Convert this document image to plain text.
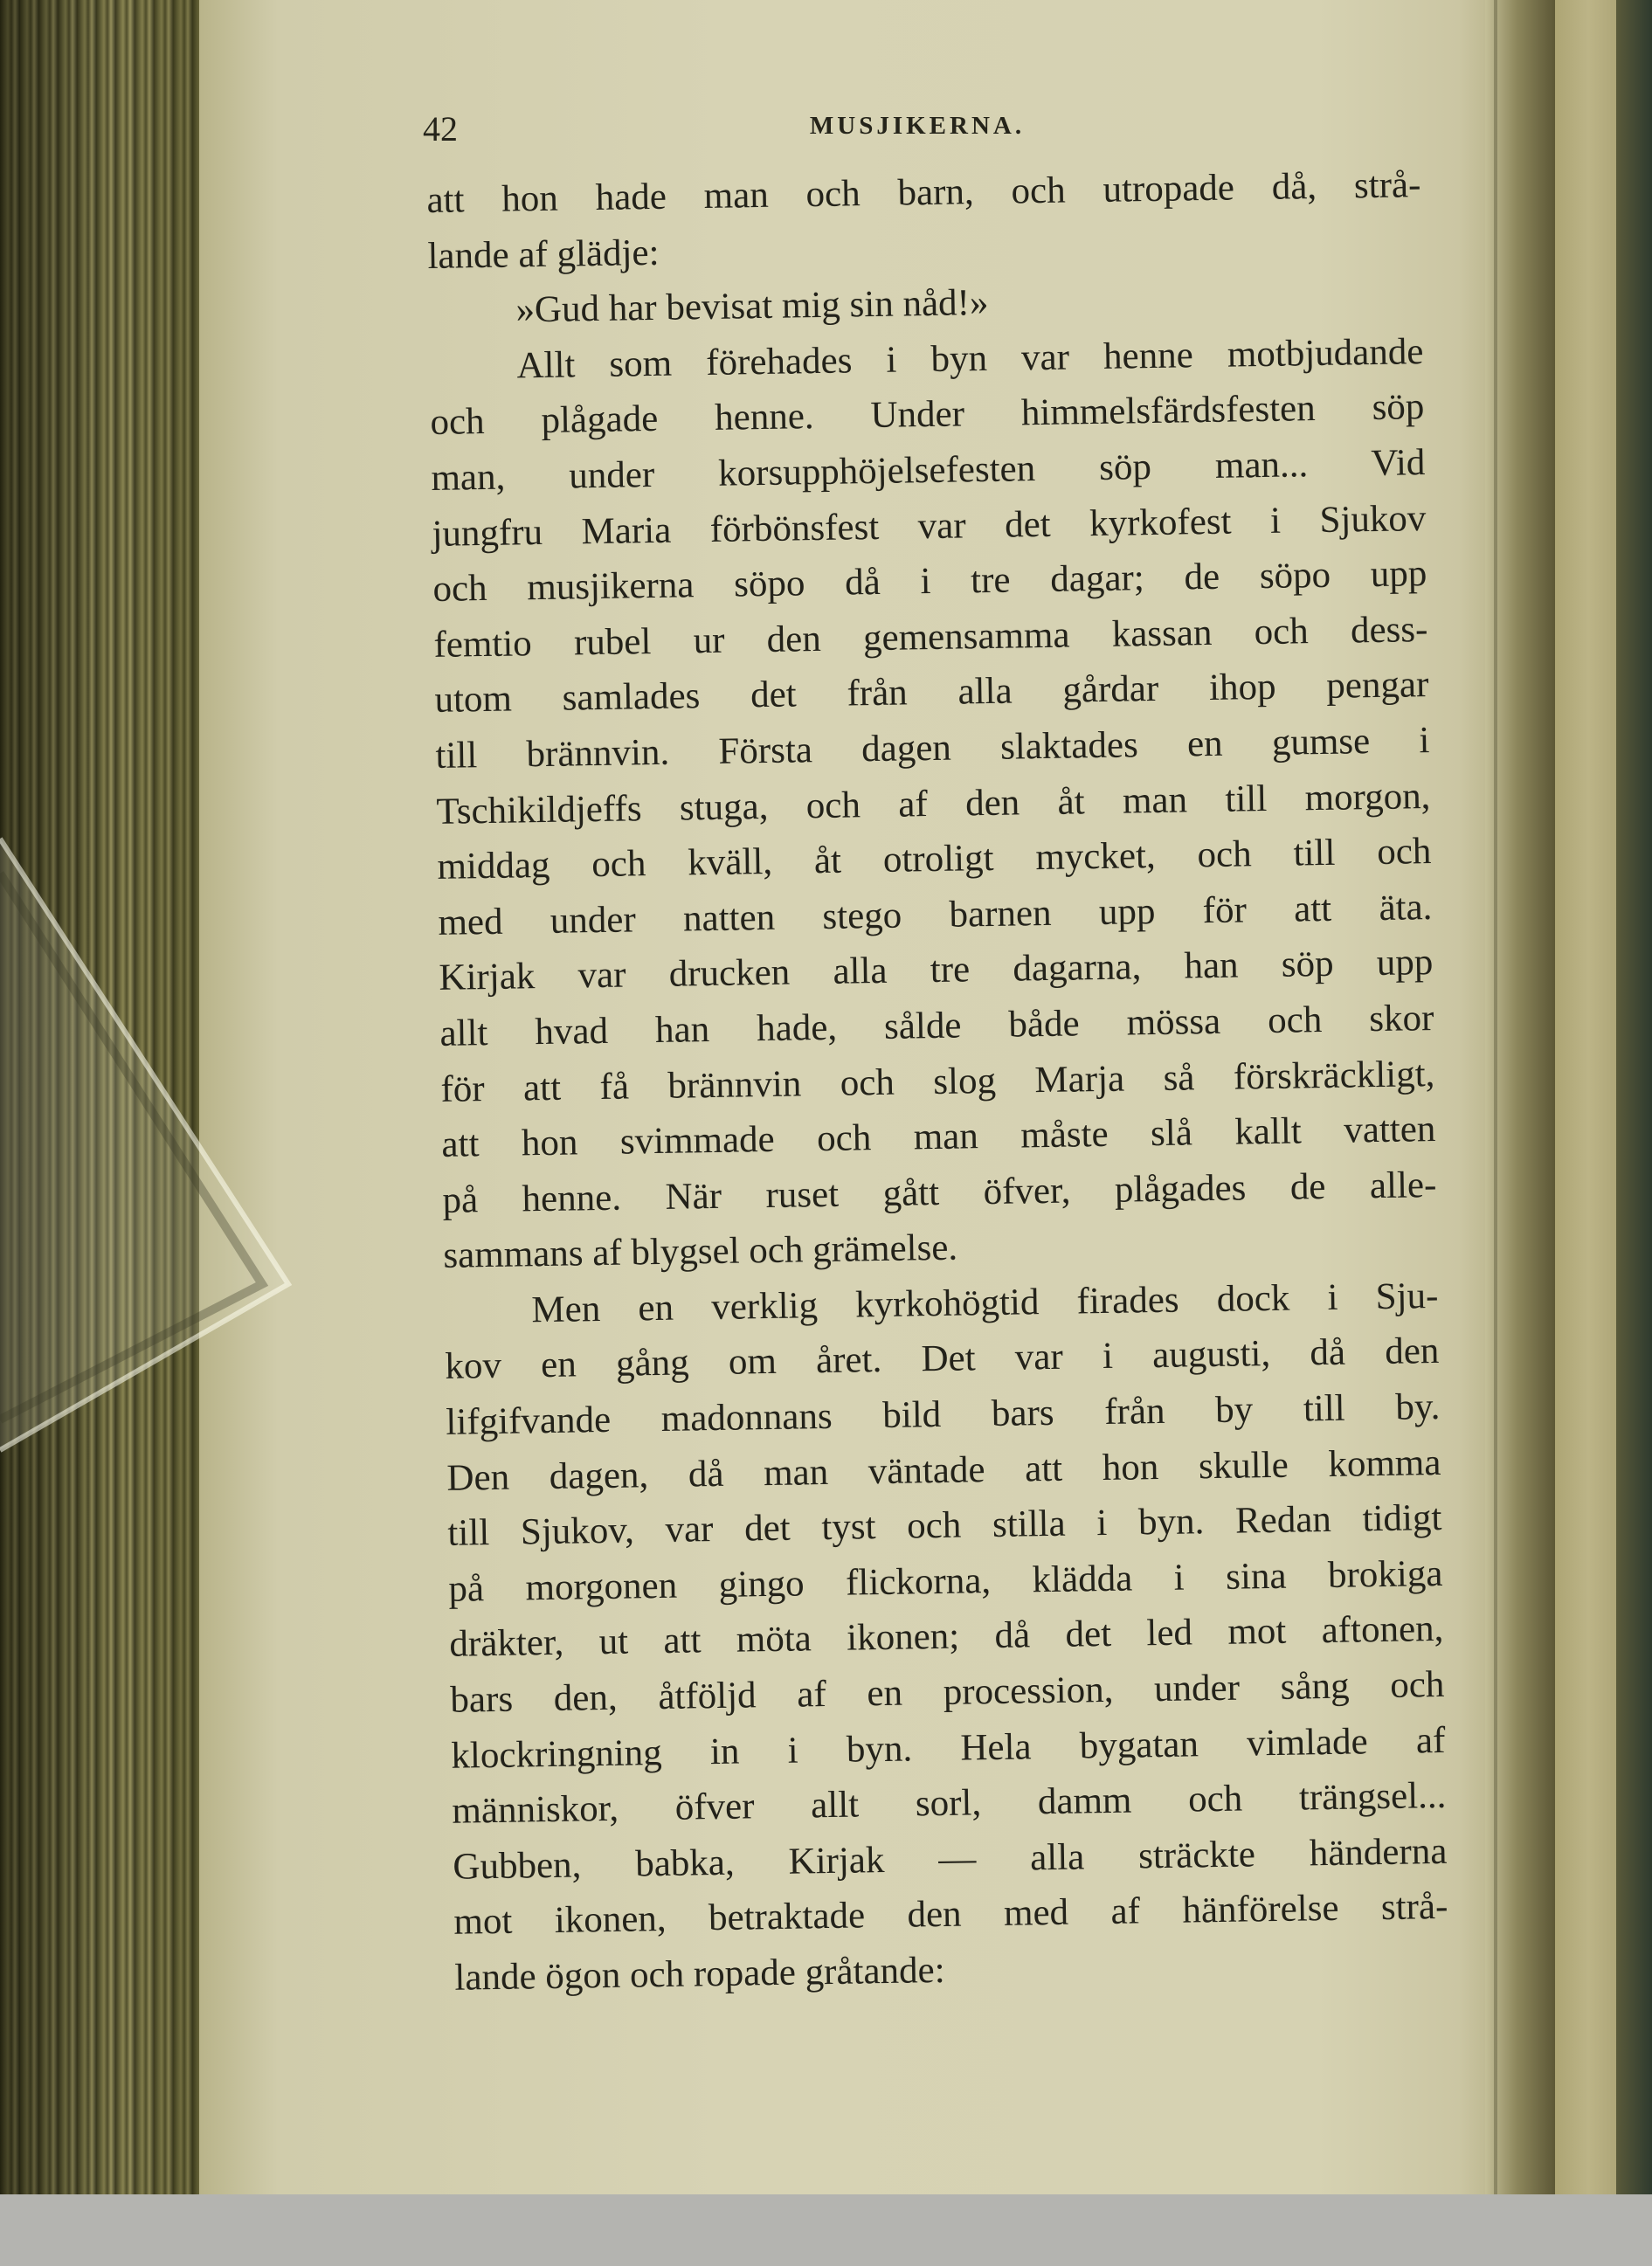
42	MUSJIKERNA.
att hon hade man och barn, och utropade då, strå-
lande af glädje:
»Gud har bevisat mig sin nåd!»
Allt som förehades i byn var henne motbjudande
och plågade henne. Under himmelsfärdsfesten söp
man, under korsupphöjelsefesten söp man... Vid
jungfru Maria förbönsfest var det kyrkofest i Sjukov
och musjikerna söpo då i tre dagar; de söpo upp
femtio rubel ur den gemensamma kassan och dess-
utom samlades det från alla gårdar ihop pengar
till brännvin. Första dagen slaktades en gumse i
Tschikildjeffs stuga, och af den åt man till morgon,
middag och kväll, åt otroligt mycket, och till och
med under natten stego barnen upp för att äta.
Kirjak var drucken alla tre dagarna, han söp upp
allt hvad han hade, sålde både mössa och skor
för att få brännvin och slog Marja så förskräckligt,
att hon svimmade och man måste slå kallt vatten
på henne. När ruset gått öfver, plågades de alle-
sammans af blygsel och grämelse.
Men en verklig kyrkohögtid firades dock i Sju-
kov en gång om året. Det var i augusti, då den
lifgifvande madonnans bild bars från by till by.
Den dagen, då man väntade att hon skulle komma
till Sjukov, var det tyst och stilla i byn. Redan tidigt
på morgonen gingo flickorna, klädda i sina brokiga
dräkter, ut att möta ikonen; då det led mot aftonen,
bars den, åtföljd af en procession, under sång och
klockringning in i byn. Hela bygatan vimlade af
människor, öfver allt sorl, damm och trängsel...
Gubben, babka, Kirjak — alla sträckte händerna
mot ikonen, betraktade den med af hänförelse strå-
lande ögon och ropade gråtande:
